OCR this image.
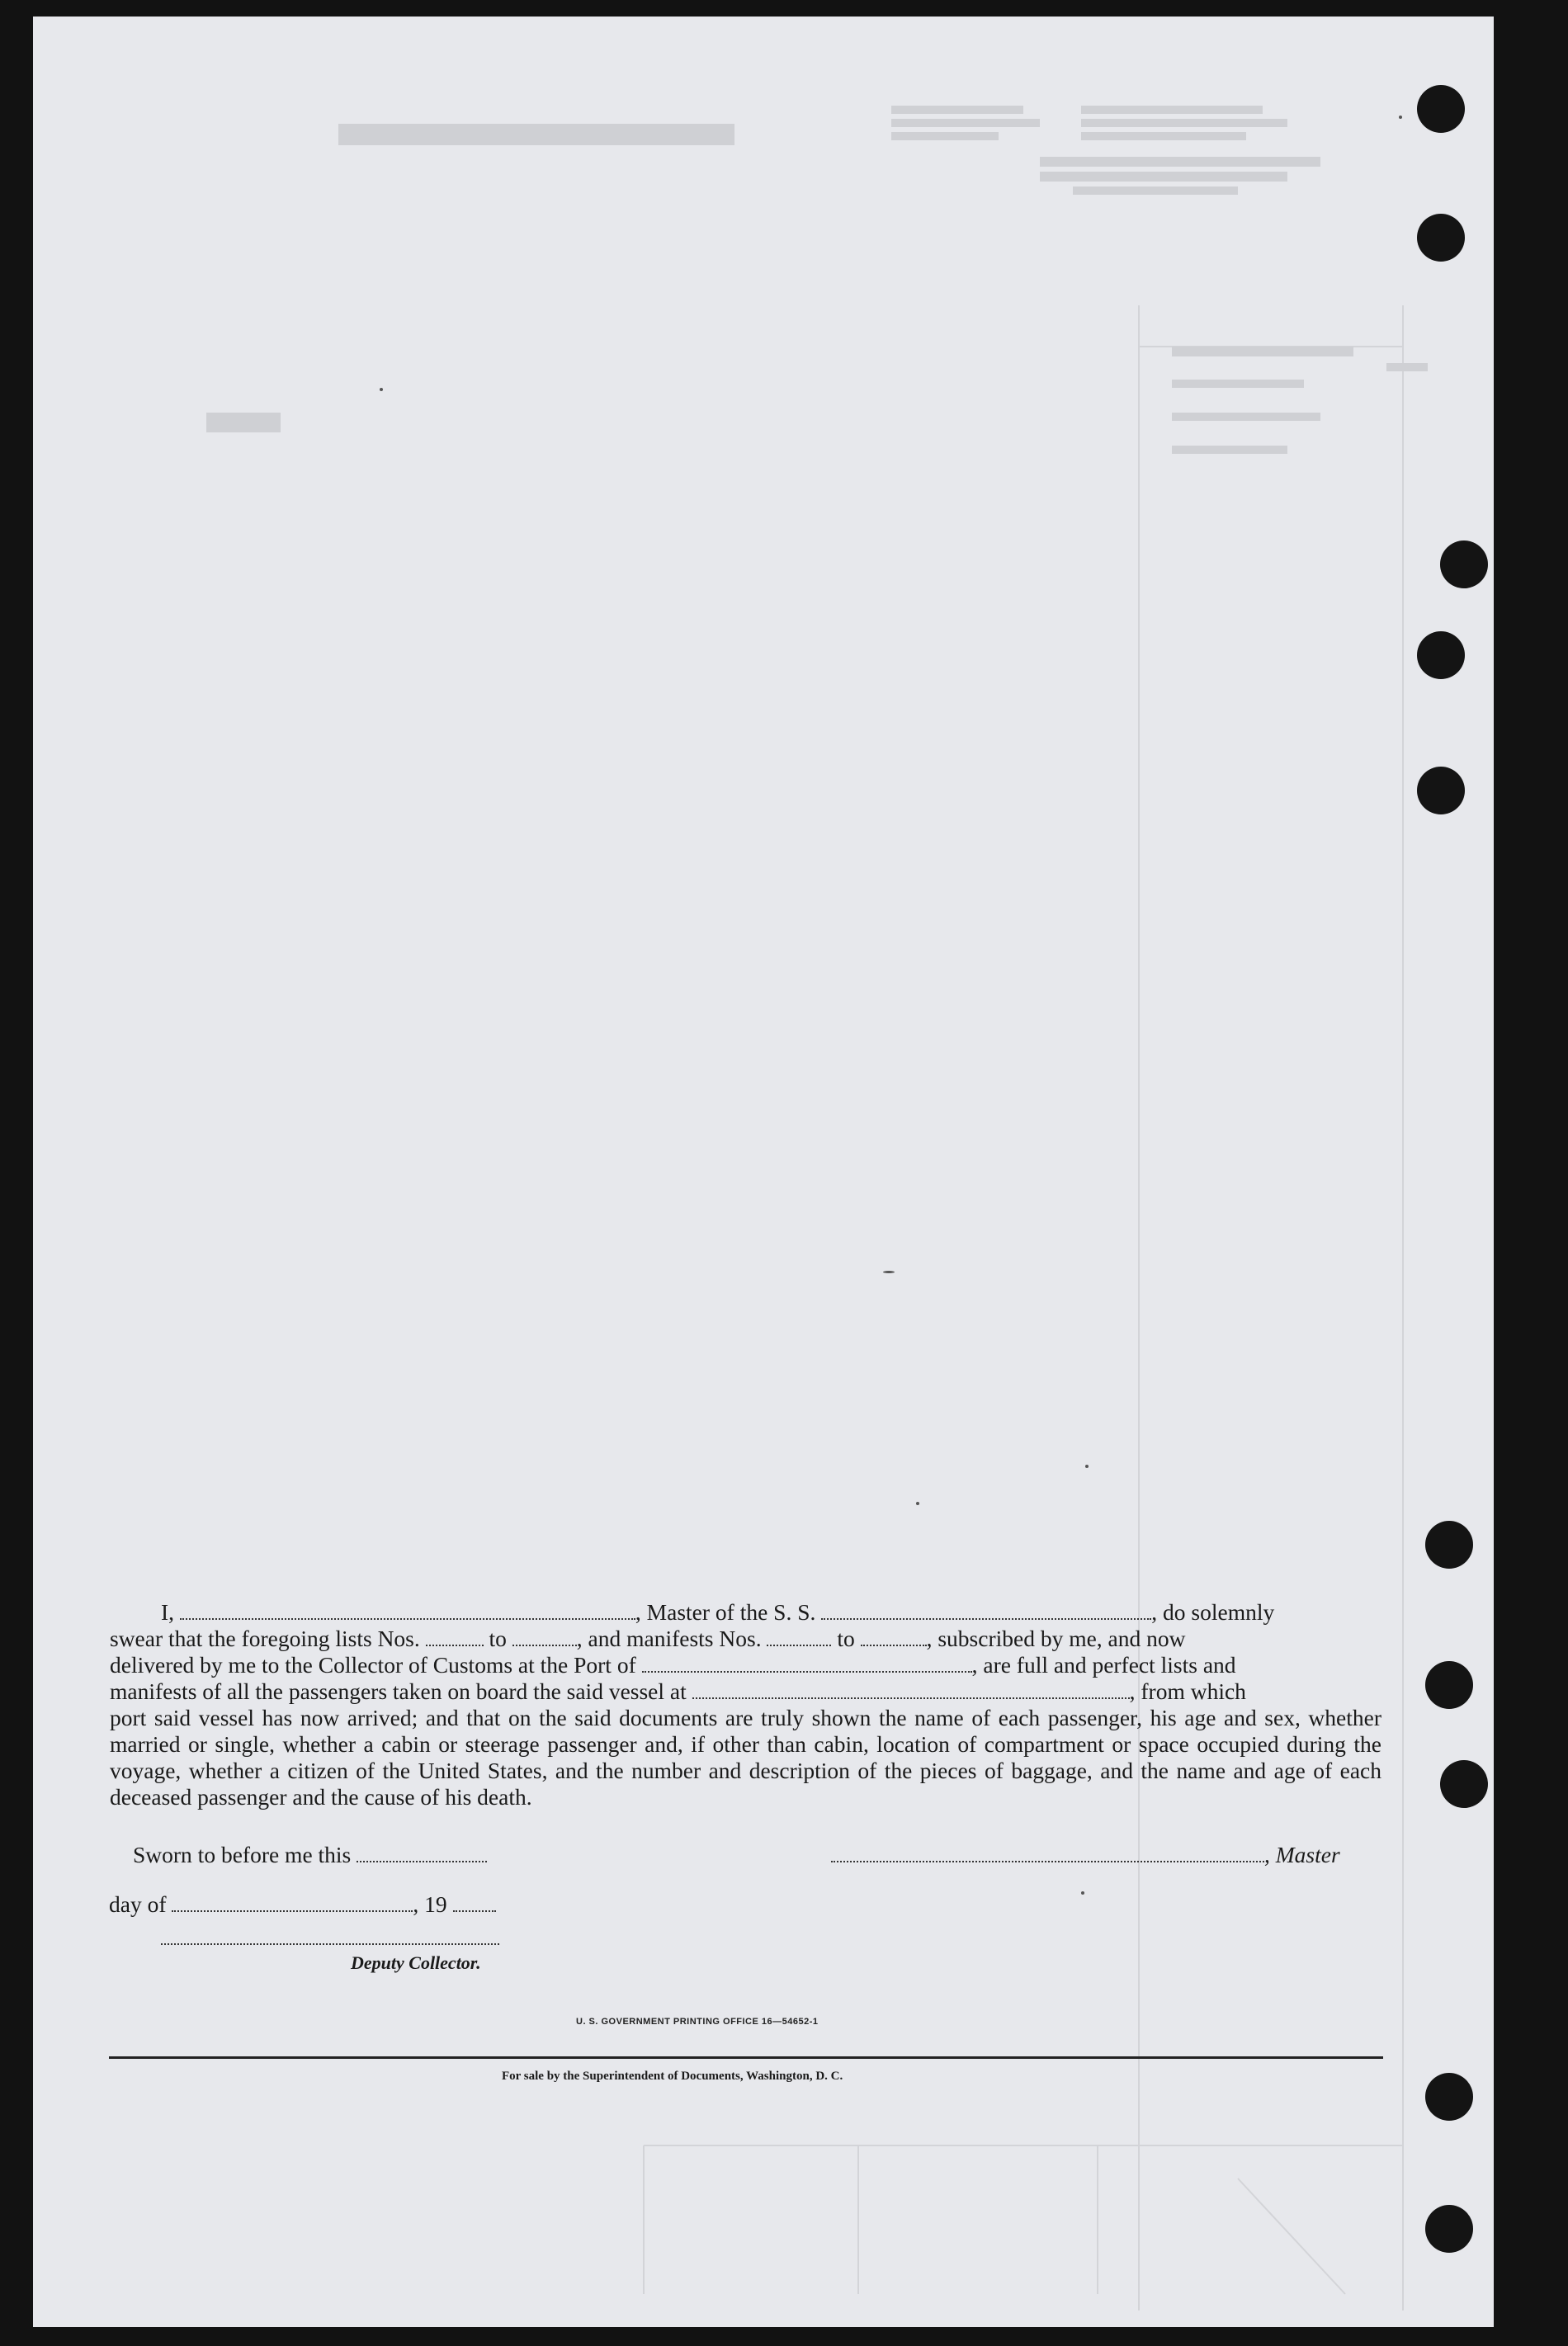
I,	, Master of the S. S.	, do solemnly

swear that the foregoing lists Nos.	to	, and manifests Nos.	to	, subscribed by me, and now
delivered by me to the Collector of Customs at the Port of	, are full and perfect lists and
manifests of all the passengers taken on board the said vessel at	, from which
port said vessel has now arrived; and that on the said documents are truly shown the name of each passenger, his age and sex, whether married or single, whether a cabin or steerage passenger and, if other than cabin, location of compartment or space occupied during the voyage, whether a citizen of the United States, and the number and description of the pieces of baggage, and the name and age of each deceased passenger and the cause of his death.
Sworn to before me this	, Master
day of	, 19
Deputy Collector.
U. S. GOVERNMENT PRINTING OFFICE 16—54652-1
For sale by the Superintendent of Documents, Washington, D. C.
